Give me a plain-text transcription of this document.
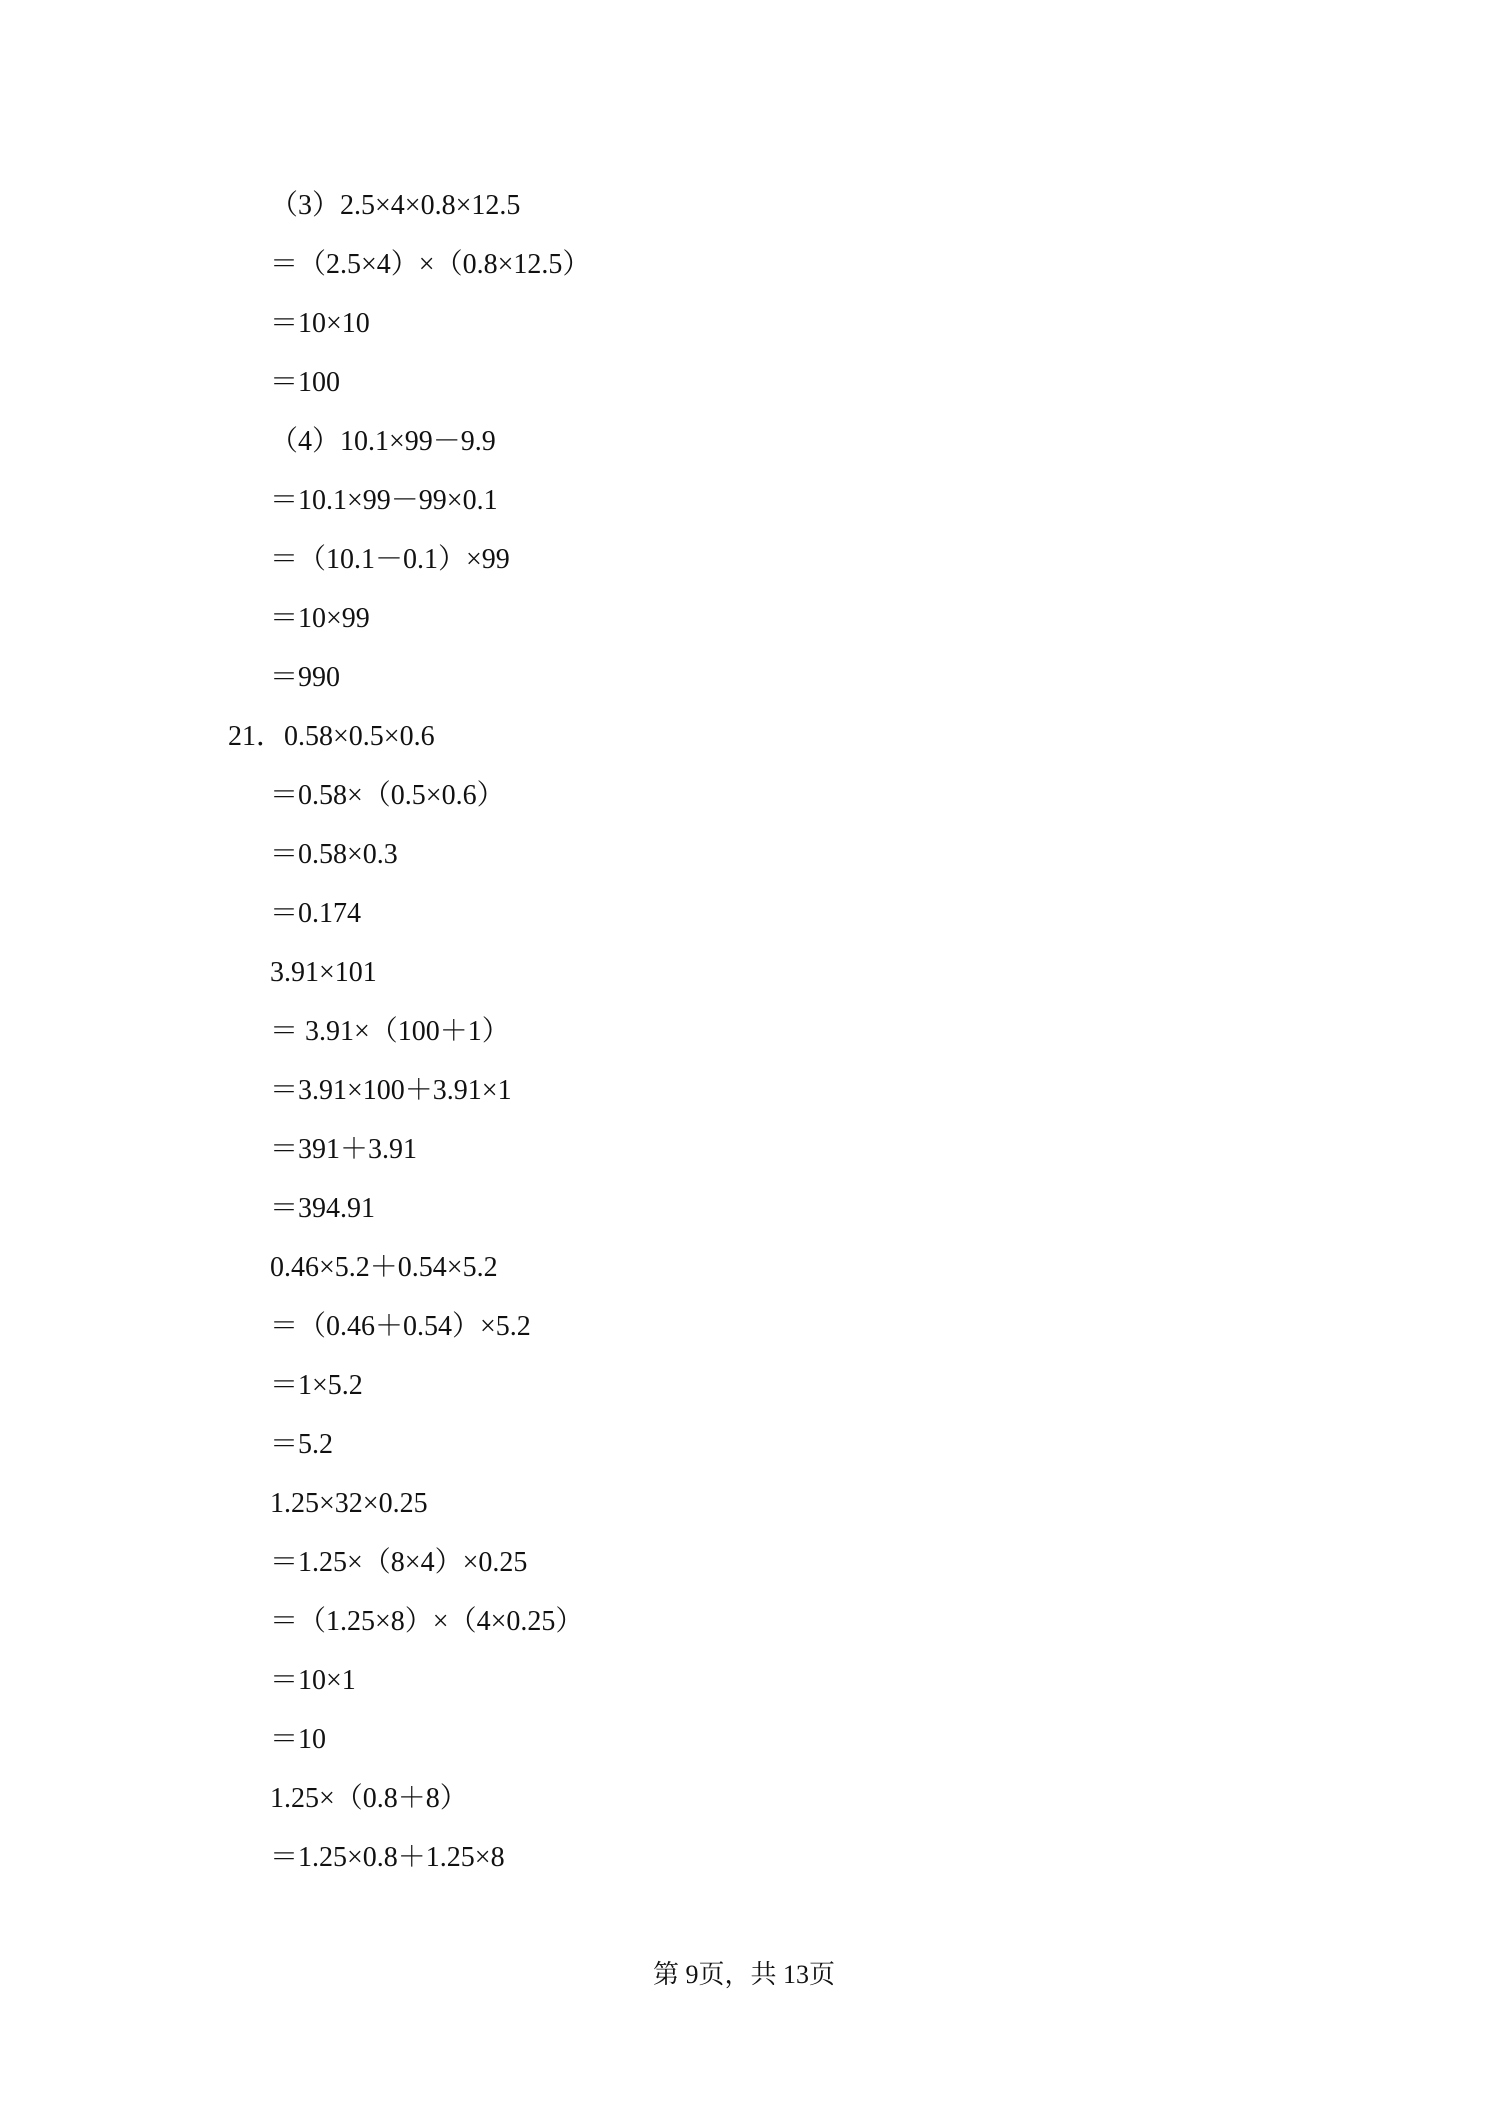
（3）2.5×4×0.8×12.5
＝（2.5×4）×（0.8×12.5）
＝10×10
＝100
（4）10.1×99－9.9
＝10.1×99－99×0.1
＝（10.1－0.1）×99
＝10×99
＝990
21．0.58×0.5×0.6
＝0.58×（0.5×0.6）
＝0.58×0.3
＝0.174
3.91×101
＝ 3.91×（100＋1）
＝3.91×100＋3.91×1
＝391＋3.91
＝394.91
0.46×5.2＋0.54×5.2
＝（0.46＋0.54）×5.2
＝1×5.2
＝5.2
1.25×32×0.25
＝1.25×（8×4）×0.25
＝（1.25×8）×（4×0.25）
＝10×1
＝10
1.25×（0.8＋8）
＝1.25×0.8＋1.25×8
第 9页，共 13页
